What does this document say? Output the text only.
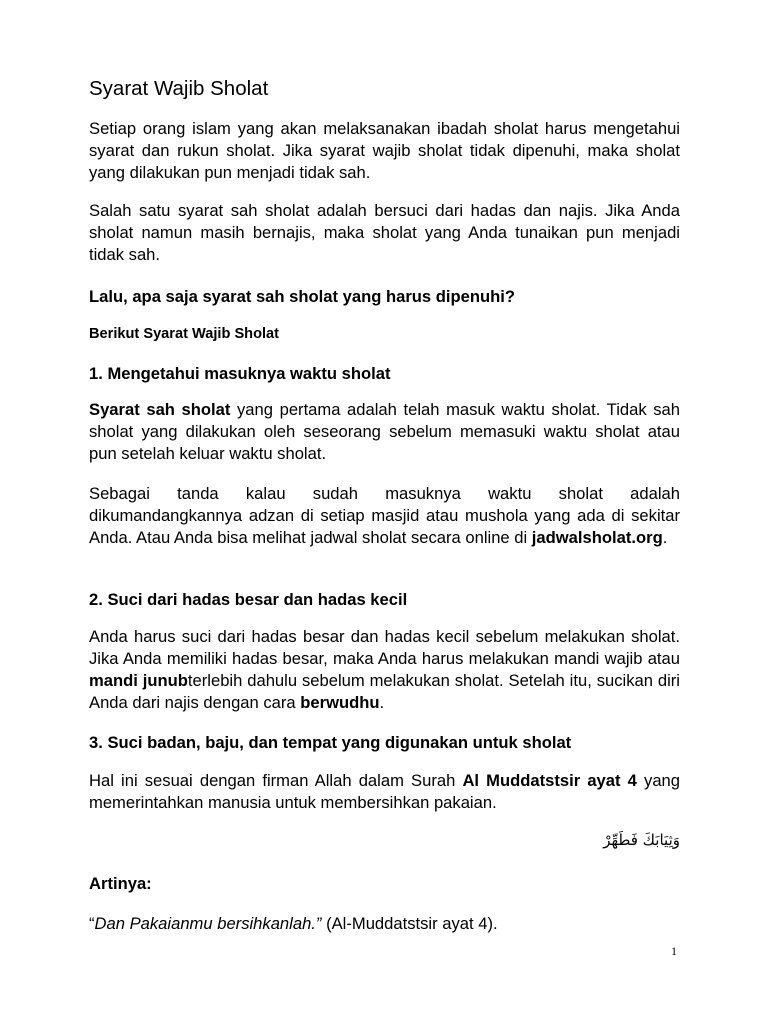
Syarat Wajib Sholat

Setiap orang islam yang akan melaksanakan ibadah sholat harus mengetahui syarat dan rukun sholat. Jika syarat wajib sholat tidak dipenuhi, maka sholat yang dilakukan pun menjadi tidak sah.

Salah satu syarat sah sholat adalah bersuci dari hadas dan najis. Jika Anda sholat namun masih bernajis, maka sholat yang Anda tunaikan pun menjadi tidak sah.

Lalu, apa saja syarat sah sholat yang harus dipenuhi?

Berikut Syarat Wajib Sholat

1. Mengetahui masuknya waktu sholat

Syarat sah sholat yang pertama adalah telah masuk waktu sholat. Tidak sah sholat yang dilakukan oleh seseorang sebelum memasuki waktu sholat atau pun setelah keluar waktu sholat.

Sebagai tanda kalau sudah masuknya waktu sholat adalah
dikumandangkannya adzan di setiap masjid atau mushola yang ada di sekitar Anda. Atau Anda bisa melihat jadwal sholat secara online di jadwalsholat.org.

2. Suci dari hadas besar dan hadas kecil

Anda harus suci dari hadas besar dan hadas kecil sebelum melakukan sholat. Jika Anda memiliki hadas besar, maka Anda harus melakukan mandi wajib atau mandi junubterlebih dahulu sebelum melakukan sholat. Setelah itu, sucikan diri Anda dari najis dengan cara berwudhu.

3. Suci badan, baju, dan tempat yang digunakan untuk sholat

Hal ini sesuai dengan firman Allah dalam Surah Al Muddatstsir ayat 4 yang memerintahkan manusia untuk membersihkan pakaian.

وَثِيَابَكَ فَطَهِّرْ

Artinya:

“Dan Pakaianmu bersihkanlah.” (Al-Muddatstsir ayat 4).

1
